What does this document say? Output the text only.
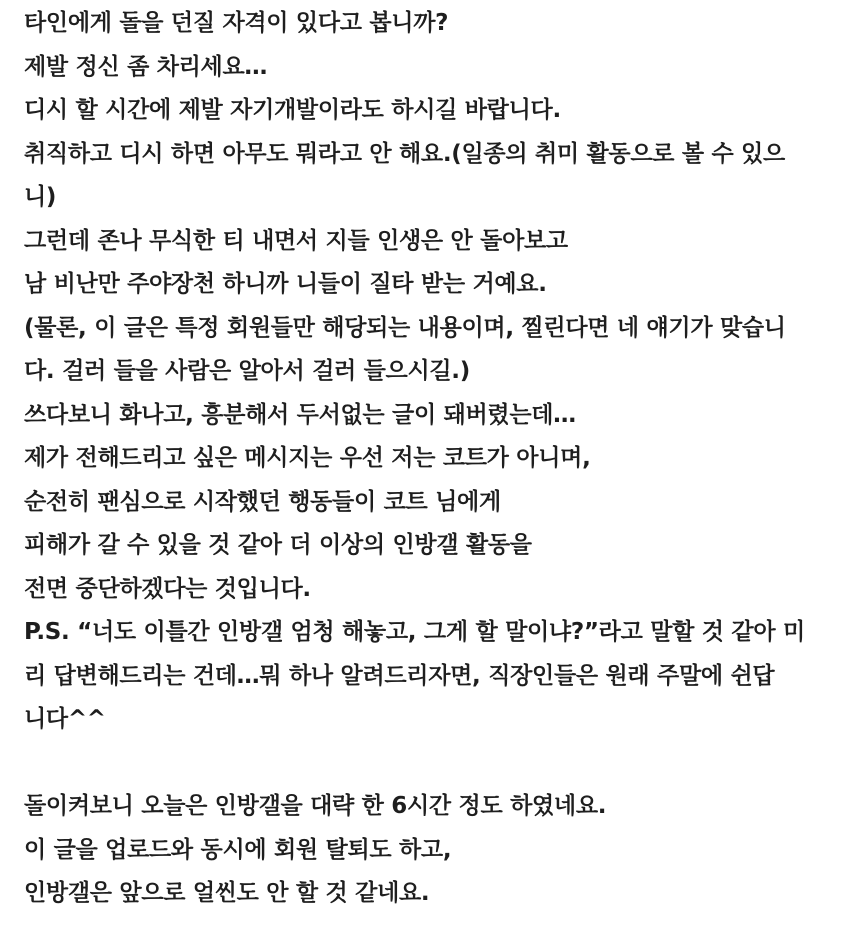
타인에게 돌을 던질 자격이 있다고 봅니까?
제발 정신 좀 차리세요…
디시 할 시간에 제발 자기개발이라도 하시길 바랍니다.
취직하고 디시 하면 아무도 뭐라고 안 해요.(일종의 취미 활동으로 볼 수 있으
니)
그런데 존나 무식한 티 내면서 지들 인생은 안 돌아보고
남 비난만 주야장천 하니까 니들이 질타 받는 거예요.
(물론, 이 글은 특정 회원들만 해당되는 내용이며, 찔린다면 네 얘기가 맞습니
다. 걸러 들을 사람은 알아서 걸러 들으시길.)
쓰다보니 화나고, 흥분해서 두서없는 글이 돼버렸는데…
제가 전해드리고 싶은 메시지는 우선 저는 코트가 아니며,
순전히 팬심으로 시작했던 행동들이 코트 님에게
피해가 갈 수 있을 것 같아 더 이상의 인방갤 활동을
전면 중단하겠다는 것입니다.
P.S. “너도 이틀간 인방갤 엄청 해놓고, 그게 할 말이냐?”라고 말할 것 같아 미
리 답변해드리는 건데…뭐 하나 알려드리자면, 직장인들은 원래 주말에 쉰답
니다^^
돌이켜보니 오늘은 인방갤을 대략 한 6시간 정도 하였네요.
이 글을 업로드와 동시에 회원 탈퇴도 하고,
인방갤은 앞으로 얼씬도 안 할 것 같네요.
